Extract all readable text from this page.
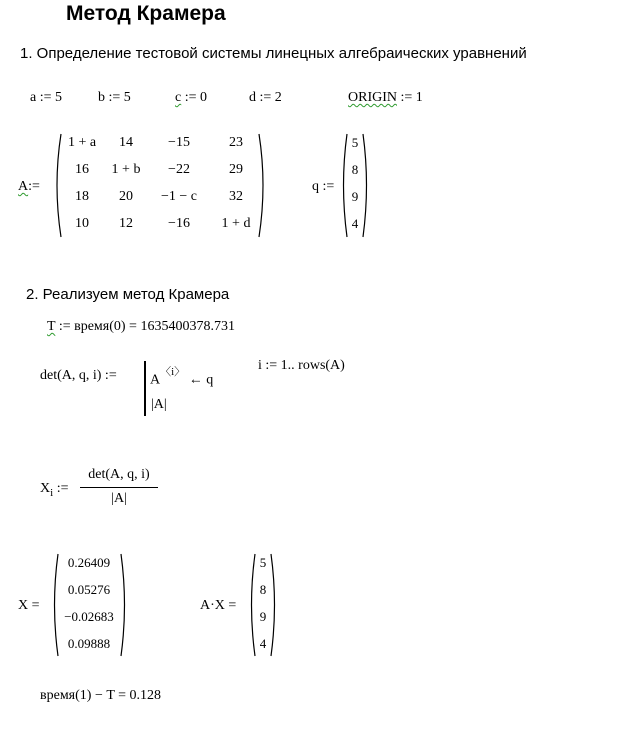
Метод Крамера
1. Определение тестовой системы линецных алгебраических уравнений
a := 5	b := 5	c := 0	d := 2	ORIGIN := 1
A:=
1 + a	14	−15	23
16	1 + b	−22	29
18	20	−1 − c	32
10	12	−16	1 + d
q :=
5
8
9
4
2. Реализуем метод Крамера
T := время(0) = 1635400378.731
det(A, q, i) := $A^{〈i〉}$ ← q
|A|
i := 1.. rows(A)
$X_i$ :=
det(A, q, i)
|A|
X =
0.26409
0.05276
−0.02683
0.09888
A·X =
5
8
9
4
время(1) − T = 0.128
